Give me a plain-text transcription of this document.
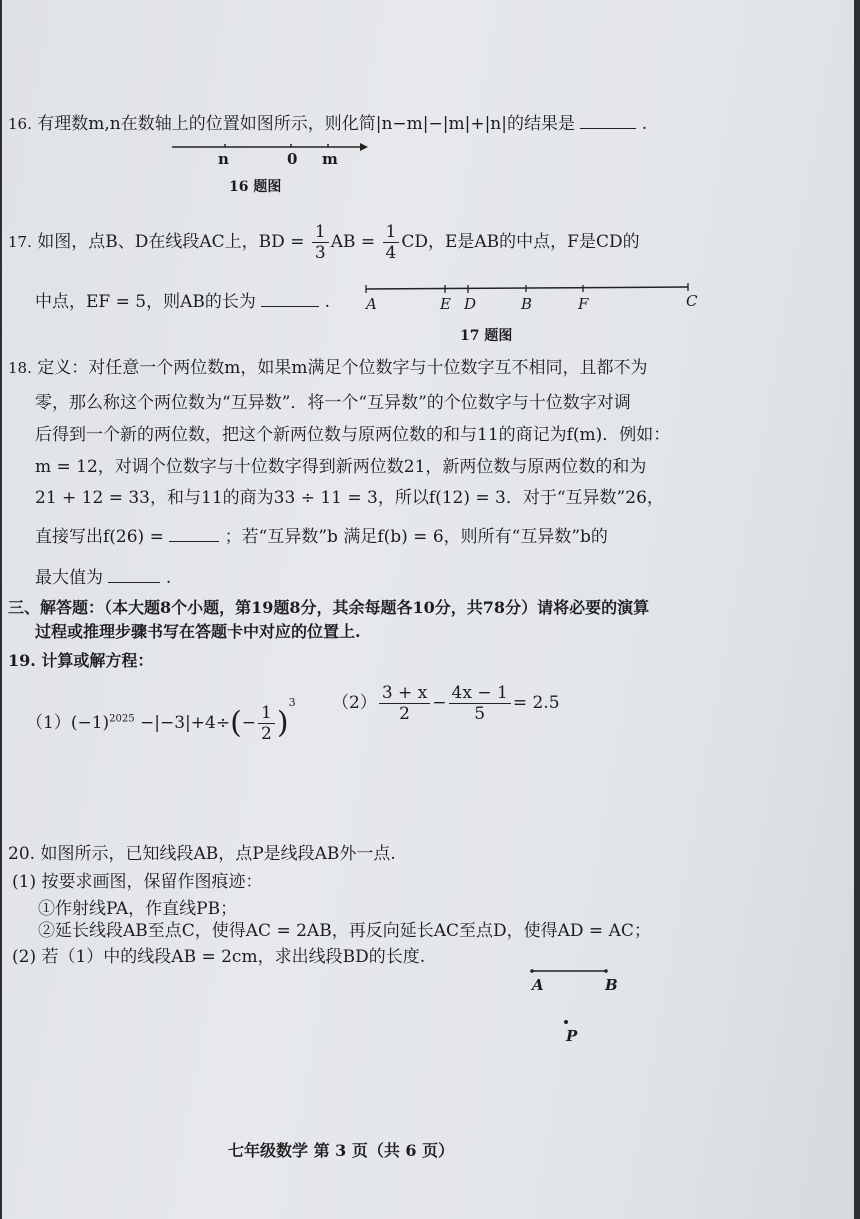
16. 有理数m,n在数轴上的位置如图所示，则化简|n−m|−|m|+|n|的结果是	.
n	0 m
16 题图
17. 如图，点B、D在线段AC上，BD = $\frac{1}{3}$ AB = $\frac{1}{4}$ CD，E是AB的中点，F是CD的
中点，EF = 5，则AB的长为	. A	E D	B	F	C
17 题图
18. 定义：对任意一个两位数m，如果m满足个位数字与十位数字互不相同，且都不为
零，那么称这个两位数为“互异数”．将一个“互异数”的个位数字与十位数字对调
后得到一个新的两位数，把这个新两位数与原两位数的和与11的商记为f(m)．例如：
m = 12，对调个位数字与十位数字得到新两位数21，新两位数与原两位数的和为
21 + 12 = 33，和与11的商为33 ÷ 11 = 3，所以f(12) = 3．对于“互异数”26，
直接写出f(26) =	；若“互异数”b 满足f(b) = 6，则所有“互异数”b的
最大值为	.
三、解答题：（本大题8个小题，第19题8分，其余每题各10分，共78分）请将必要的演算
过程或推理步骤书写在答题卡中对应的位置上.
19. 计算或解方程：
$(1)(-1)^{2025} -|-3|+4\div(- \frac{1}{2} )^3$ $(2) \frac{3 + x}{2} - \frac{4x - 1}{5} = 2.5$
20. 如图所示，已知线段AB，点P是线段AB外一点.
(1) 按要求画图，保留作图痕迹：
①作射线PA，作直线PB；
②延长线段AB至点C，使得AC = 2AB，再反向延长AC至点D，使得AD = AC；
(2) 若（1）中的线段AB = 2cm，求出线段BD的长度.
A	B
P
七年级数学 第 3 页（共 6 页）
